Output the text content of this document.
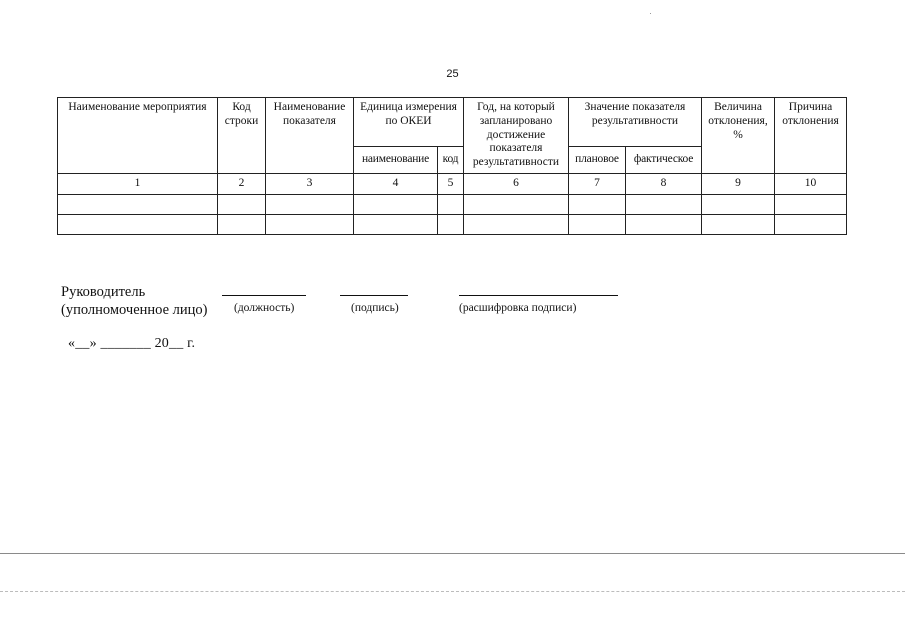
25
Наименование мероприятия	Код строки	Наименование показателя	Единица измерения по ОКЕИ		Год, на который запланировано достижение показателя результативности	Значение показателя результативности		Величина отклонения, %	Причина отклонения
			наименование	код		плановое	фактическое		
1	2	3	4	5	6	7	8	9	10

Руководитель
(уполномоченное лицо) (должность)	(подпись)	(расшифровка подписи)
«__» _______ 20__ г.
